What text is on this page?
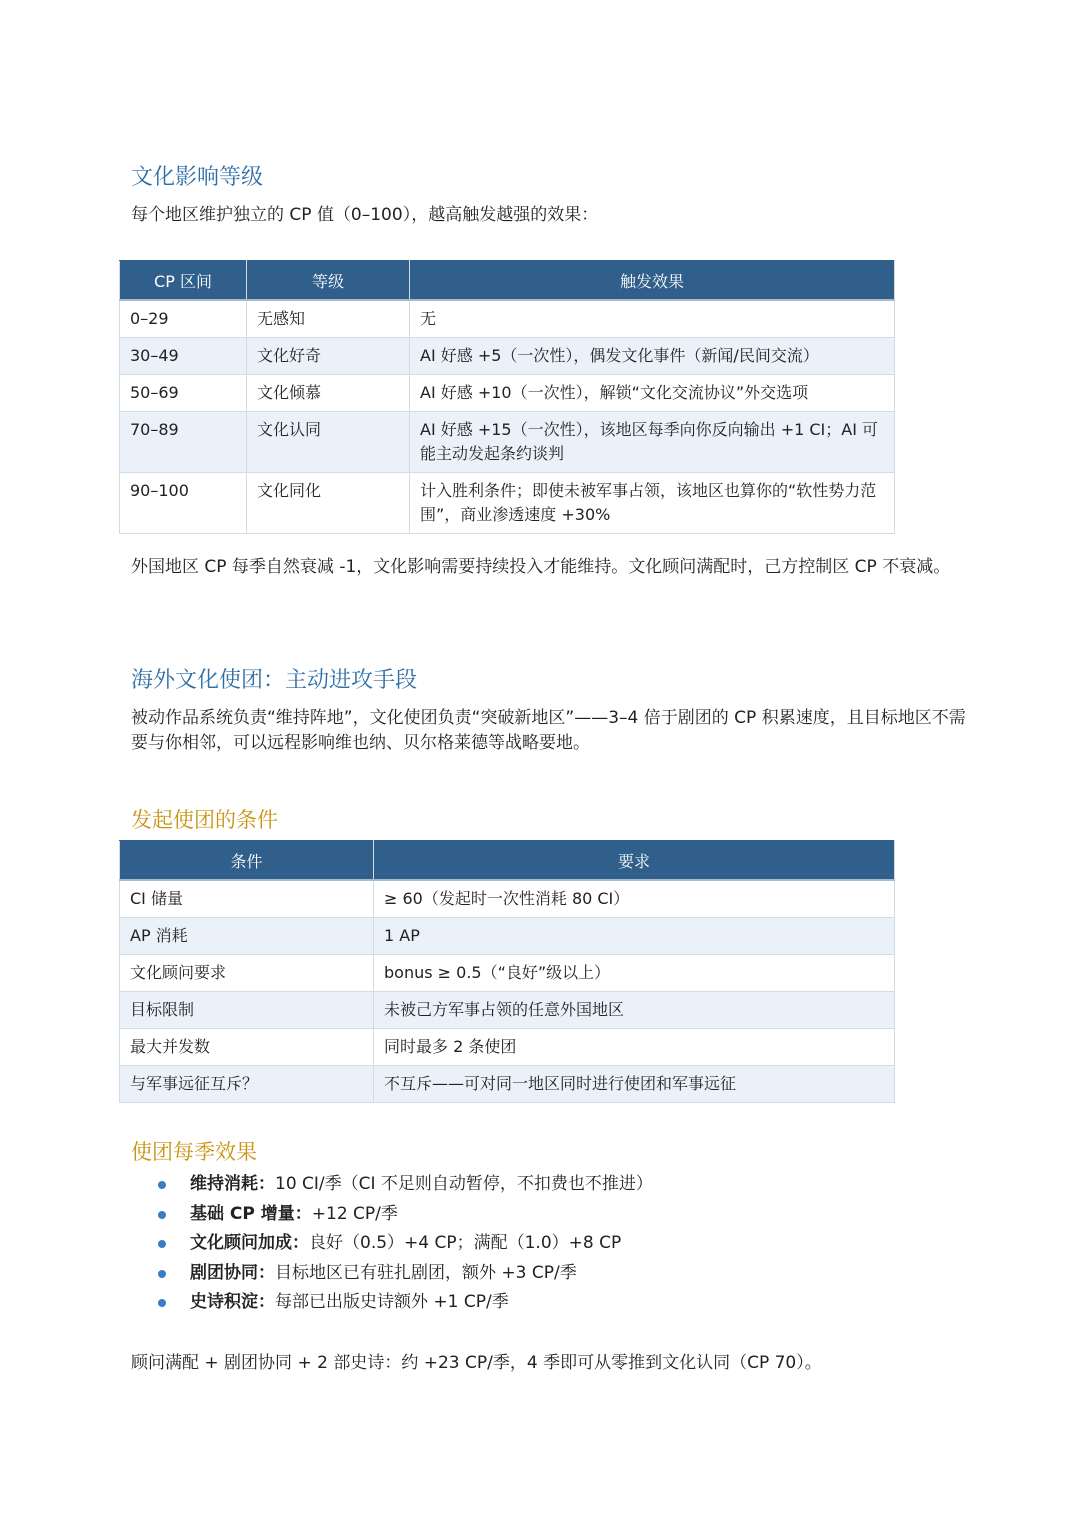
文化影响等级

每个地区维护独立的 CP 值（0–100），越高触发越强的效果：

CP 区间	等级	触发效果
0–29	无感知	无
30–49	文化好奇	AI 好感 +5（一次性），偶发文化事件（新闻/民间交流）
50–69	文化倾慕	AI 好感 +10（一次性），解锁“文化交流协议”外交选项
70–89	文化认同	AI 好感 +15（一次性），该地区每季向你反向输出 +1 CI；AI 可能主动发起条约谈判
90–100	文化同化	计入胜利条件；即使未被军事占领，该地区也算你的“软性势力范围”，商业渗透速度 +30%

外国地区 CP 每季自然衰减 -1，文化影响需要持续投入才能维持。文化顾问满配时，己方控制区 CP 不衰减。

海外文化使团：主动进攻手段

被动作品系统负责“维持阵地”，文化使团负责“突破新地区”——3–4 倍于剧团的 CP 积累速度，且目标地区不需要与你相邻，可以远程影响维也纳、贝尔格莱德等战略要地。

发起使团的条件
条件	要求
CI 储量	≥ 60（发起时一次性消耗 80 CI）
AP 消耗	1 AP
文化顾问要求	bonus ≥ 0.5（“良好”级以上）
目标限制	未被己方军事占领的任意外国地区
最大并发数	同时最多 2 条使团
与军事远征互斥？	不互斥——可对同一地区同时进行使团和军事远征
使团每季效果
维持消耗：10 CI/季（CI 不足则自动暂停，不扣费也不推进）
基础 CP 增量：+12 CP/季
文化顾问加成：良好（0.5）+4 CP；满配（1.0）+8 CP
剧团协同：目标地区已有驻扎剧团，额外 +3 CP/季
史诗积淀：每部已出版史诗额外 +1 CP/季

顾问满配 + 剧团协同 + 2 部史诗：约 +23 CP/季，4 季即可从零推到文化认同（CP 70）。
